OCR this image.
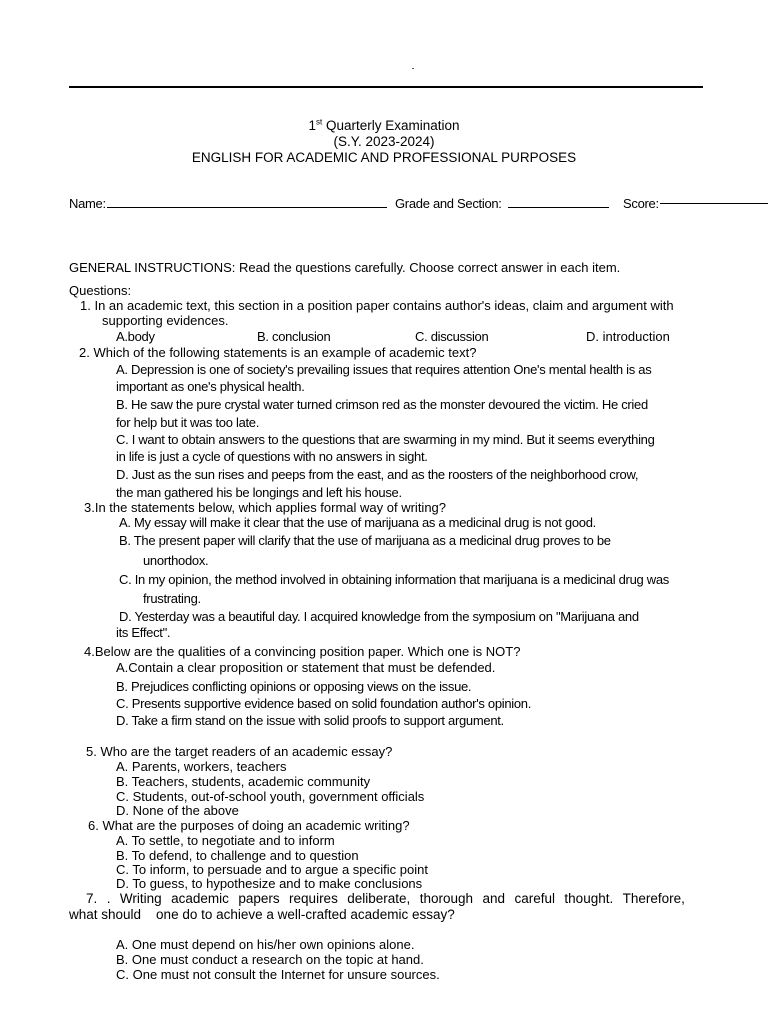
1st Quarterly Examination
(S.Y. 2023-2024)
ENGLISH FOR ACADEMIC AND PROFESSIONAL PURPOSES
Name:	Grade and Section:	Score:
GENERAL INSTRUCTIONS: Read the questions carefully. Choose correct answer in each item.
Questions:
1. In an academic text, this section in a position paper contains author's ideas, claim and argument with
supporting evidences.
A.body	B. conclusion	C. discussion	D. introduction
2. Which of the following statements is an example of academic text?
A. Depression is one of society's prevailing issues that requires attention One's mental health is as
important as one's physical health.
B. He saw the pure crystal water turned crimson red as the monster devoured the victim. He cried
for help but it was too late.
C. I want to obtain answers to the questions that are swarming in my mind. But it seems everything
in life is just a cycle of questions with no answers in sight.
D. Just as the sun rises and peeps from the east, and as the roosters of the neighborhood crow,
the man gathered his be longings and left his house.
3.In the statements below, which applies formal way of writing?
A. My essay will make it clear that the use of marijuana as a medicinal drug is not good.
B. The present paper will clarify that the use of marijuana as a medicinal drug proves to be
unorthodox.
C. In my opinion, the method involved in obtaining information that marijuana is a medicinal drug was
frustrating.
D. Yesterday was a beautiful day. I acquired knowledge from the symposium on "Marijuana and
its Effect".
4.Below are the qualities of a convincing position paper. Which one is NOT?
A.Contain a clear proposition or statement that must be defended.
B. Prejudices conflicting opinions or opposing views on the issue.
C. Presents supportive evidence based on solid foundation author's opinion.
D. Take a firm stand on the issue with solid proofs to support argument.
5. Who are the target readers of an academic essay?
A. Parents, workers, teachers
B. Teachers, students, academic community
C. Students, out-of-school youth, government officials
D. None of the above
6. What are the purposes of doing an academic writing?
A. To settle, to negotiate and to inform
B. To defend, to challenge and to question
C. To inform, to persuade and to argue a specific point
D. To guess, to hypothesize and to make conclusions
7. . Writing academic papers requires deliberate, thorough and careful thought. Therefore,
what should    one do to achieve a well-crafted academic essay?
A. One must depend on his/her own opinions alone.
B. One must conduct a research on the topic at hand.
C. One must not consult the Internet for unsure sources.
